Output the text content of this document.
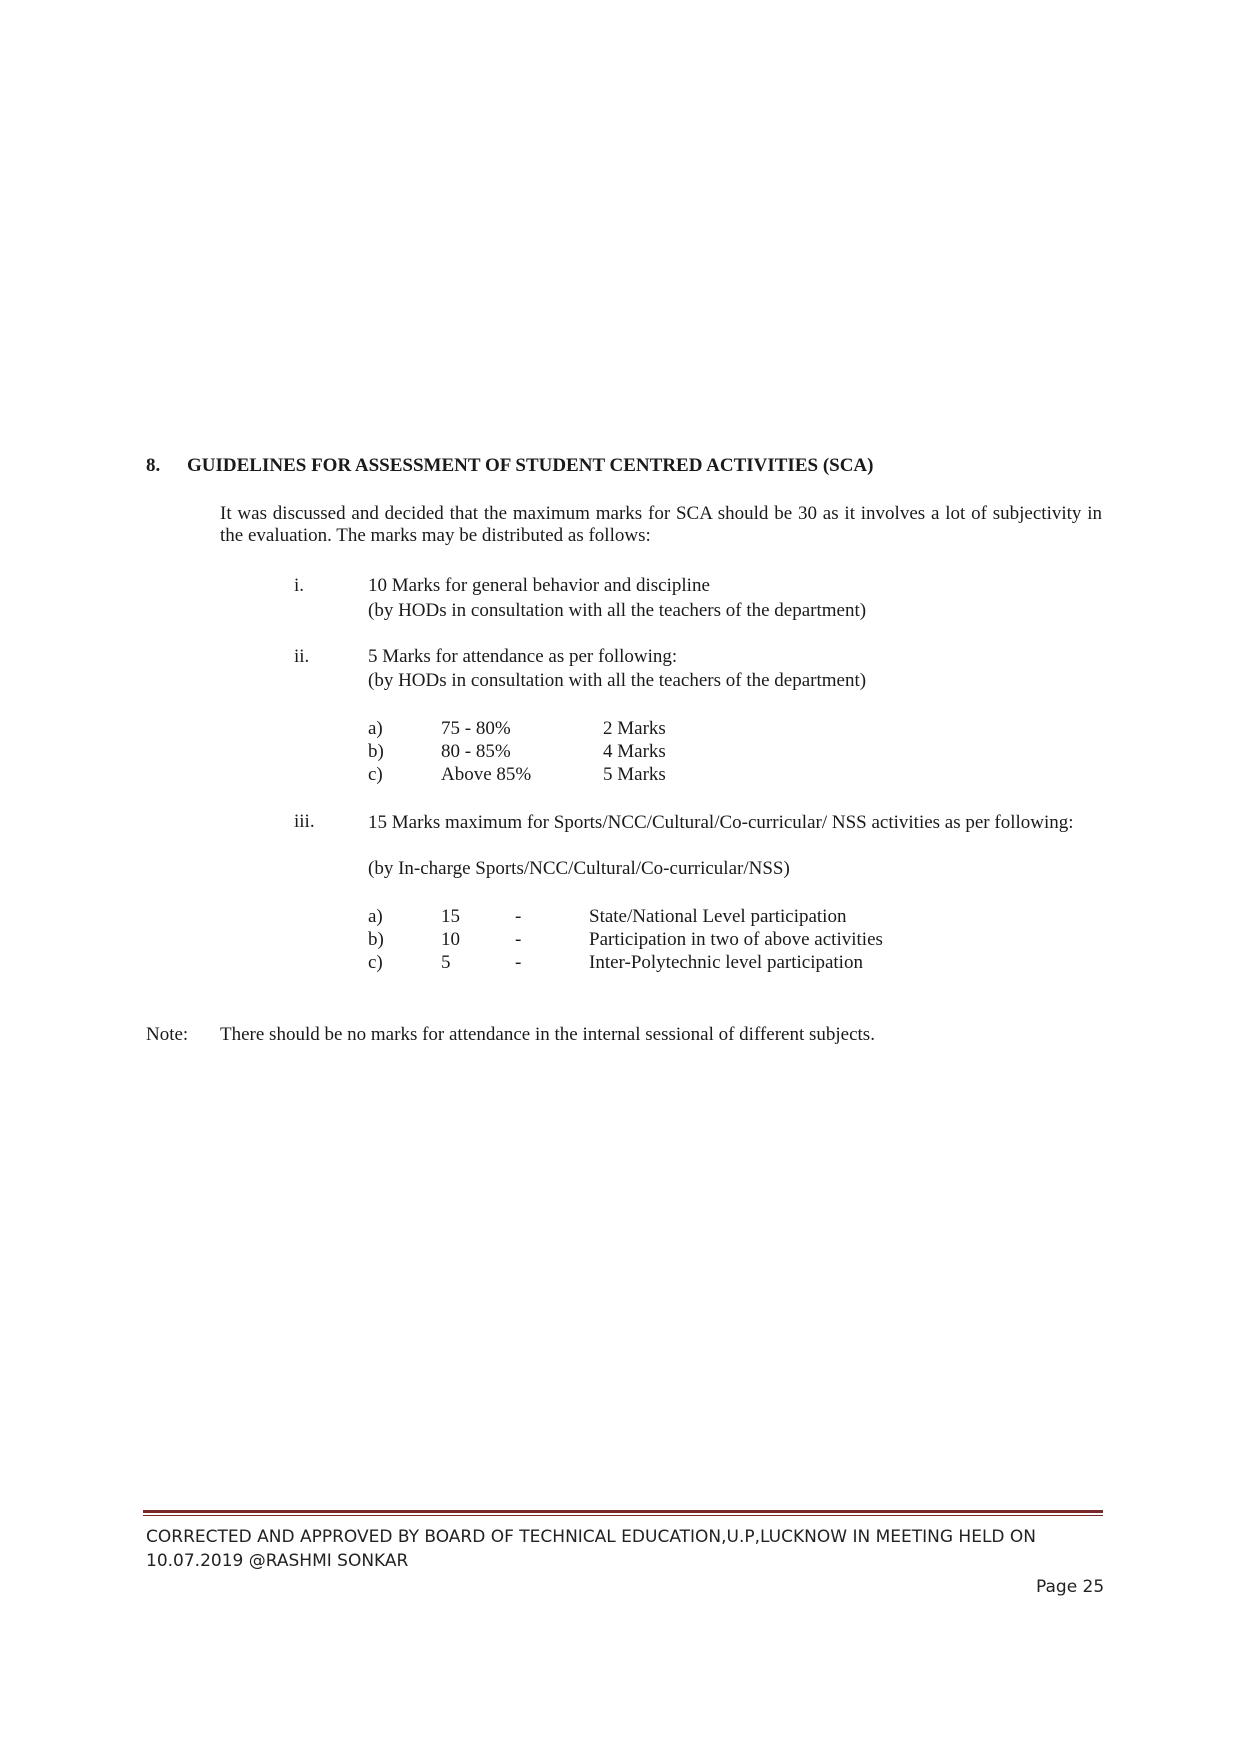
8. GUIDELINES FOR ASSESSMENT OF STUDENT CENTRED ACTIVITIES (SCA)
It was discussed and decided that the maximum marks for SCA should be 30 as it involves a lot of subjectivity in the evaluation. The marks may be distributed as follows:
i.	10 Marks for general behavior and discipline
(by HODs in consultation with all the teachers of the department)
ii.	5 Marks for attendance as per following:
(by HODs in consultation with all the teachers of the department)
a)	75 - 80%	2 Marks
b)	80 - 85%	4 Marks
c)	Above 85%	5 Marks
iii.	15 Marks maximum for Sports/NCC/Cultural/Co-curricular/ NSS activities as per following:
(by In-charge Sports/NCC/Cultural/Co-curricular/NSS)
a)	15	-	State/National Level participation
b)	10	-	Participation in two of above activities
c)	5	-	Inter-Polytechnic level participation
Note: There should be no marks for attendance in the internal sessional of different subjects.
CORRECTED AND APPROVED BY BOARD OF TECHNICAL EDUCATION,U.P,LUCKNOW IN MEETING HELD ON
10.07.2019 @RASHMI SONKAR
Page 25
